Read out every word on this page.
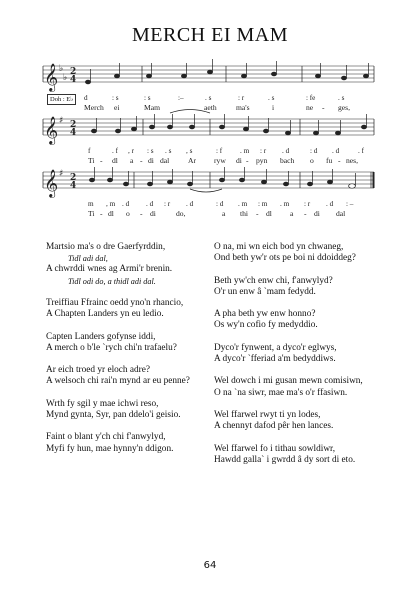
MERCH EI MAM
𝄞
𝄞
𝄞
♭
♭
♯
♯
2
4
2
4
2
4
Doh : E♭	d	: s	: s	:–	. s	: r	. s	: fe	. s
Merch ei	Mam	aeth	ma's	i	ne - ges,
f	. f , r : s . s , s	: f . m : r . d	: d . d	. f
Ti - dl a - di dal Ar ryw di - pyn bach o fu - nes,
m , m . d . d : r . d	: d . m : m . m : r . d : –
Ti - dl o - di	do,	a thi - dl a - di dal
Martsio ma's o dre Gaerfyrddin,
Tidl adi dal,
A chwrddi wnes ag Armi'r brenin.
Tidl odi do, a thidl adi dal.
Treiffiau Ffrainc oedd yno'n rhancio,
A Chapten Landers yn eu ledio.
Capten Landers gofynse iddi,
A merch o b'le `rych chi'n trafaelu?
Ar eich troed yr eloch adre?
A welsoch chi rai'n mynd ar eu penne?
Wrth fy sgil y mae ichwi reso,
Mynd gynta, Syr, pan ddelo'i geisio.
Faint o blant y'ch chi f'anwylyd,
Myfi fy hun, mae hynny'n ddigon.
O na, mi wn eich bod yn chwaneg,
Ond beth yw'r ots pe boi ni ddoiddeg?
Beth yw'ch enw chi, f'anwylyd?
O'r un enw â `mam fedydd.
A pha beth yw enw honno?
Os wy'n cofio fy medyddio.
Dyco'r fynwent, a dyco'r eglwys,
A dyco'r `fferiad a'm bedyddiws.
Wel dowch i mi gusan mewn comisiwn,
O na `na siwr, mae ma's o'r ffasiwn.
Wel ffarwel rwyt ti yn lodes,
A chennyt dafod pêr hen lances.
Wel ffarwel fo i tithau sowldiwr,
Hawdd galla` i gwrdd â dy sort di eto.
64
